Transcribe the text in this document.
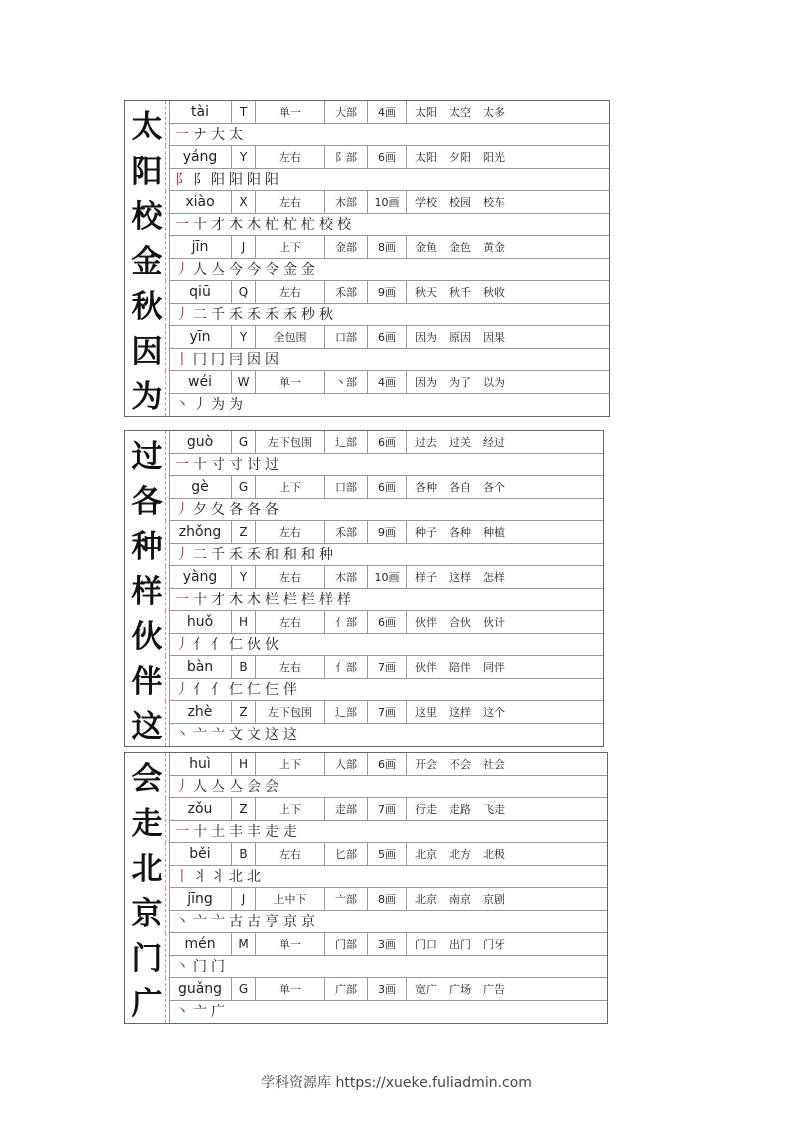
太	tài	T	单一	大部	4画	太阳 太空 太多
一 ナ 大 太
阳	yáng	Y	左右	阝部	6画	太阳 夕阳 阳光
阝 阝 阳 阳 阳 阳
校	xiào	X	左右	木部	10画	学校 校园 校车
一 十 才 木 木 杧 杧 杧 校 校
金	jīn	J	上下	金部	8画	金鱼 金色 黄金
丿 人 亼 今 今 令 金 金
秋	qiū	Q	左右	禾部	9画	秋天 秋千 秋收
丿 二 千 禾 禾 禾 禾 秒 秋
因	yīn	Y	全包围	口部	6画	因为 原因 因果
丨 冂 冂 冃 因 因
为	wéi	W	单一	丶部	4画	因为 为了 以为
丶 丿 为 为
过	guò	G	左下包围	辶部	6画	过去 过关 经过
一 十 寸 寸 讨 过
各	gè	G	上下	口部	6画	各种 各自 各个
丿 夕 夂 各 各 各
种	zhǒng	Z	左右	禾部	9画	种子 各种 种植
丿 二 千 禾 禾 和 和 和 种
样	yàng	Y	左右	木部	10画	样子 这样 怎样
一 十 才 木 木 栏 栏 栏 样 样
伙	huǒ	H	左右	亻部	6画	伙伴 合伙 伙计
丿 亻 亻 仁 伙 伙
伴	bàn	B	左右	亻部	7画	伙伴 陪伴 同伴
丿 亻 亻 仁 仁 仨 伴
这	zhè	Z	左下包围	辶部	7画	这里 这样 这个
丶 亠 亠 文 文 这 这
会	huì	H	上下	人部	6画	开会 不会 社会
丿 人 亼 亼 会 会
走	zǒu	Z	上下	走部	7画	行走 走路 飞走
一 十 土 丰 丰 走 走
北	běi	B	左右	匕部	5画	北京 北方 北极
丨 丬 丬 北 北
京	jīng	J	上中下	亠部	8画	北京 南京 京剧
丶 亠 亠 古 古 亨 京 京
门	mén	M	单一	门部	3画	门口 出门 门牙
丶 门 门
广	guǎng	G	单一	广部	3画	宽广 广场 广告
丶 亠 广
学科资源库 https://xueke.fuliadmin.com
